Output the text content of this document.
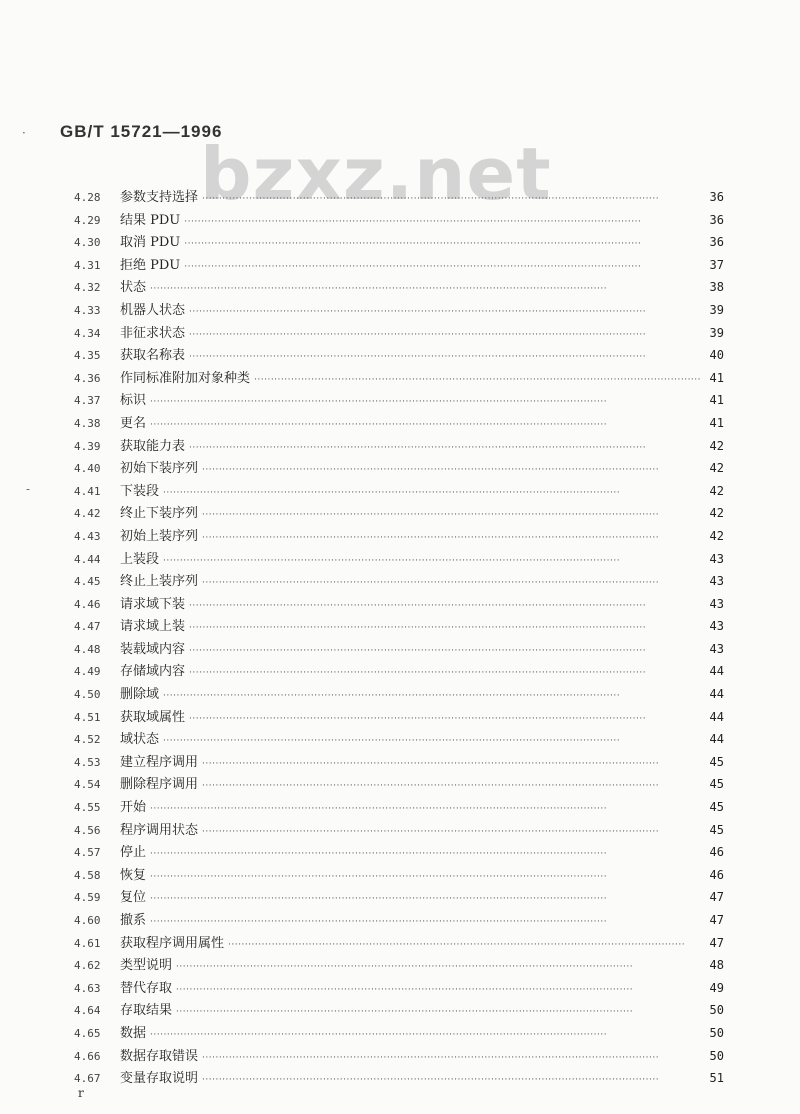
bzxz.net
GB/T 15721—1996
·
-
4.28	参数支持选择 ·····	36
4.29	结果 PDU ·····	36
4.30	取消 PDU ·····	36
4.31	拒绝 PDU ·····	37
4.32	状态 ·····	38
4.33	机器人状态 ·····	39
4.34	非征求状态 ·····	39
4.35	获取名称表 ·····	40
4.36	作同标准附加对象种类 ·····	41
4.37	标识 ·····	41
4.38	更名 ·····	41
4.39	获取能力表 ·····	42
4.40	初始下装序列 ·····	42
4.41	下装段 ·····	42
4.42	终止下装序列 ·····	42
4.43	初始上装序列 ·····	42
4.44	上装段 ·····	43
4.45	终止上装序列 ·····	43
4.46	请求域下装 ·····	43
4.47	请求域上装 ·····	43
4.48	装载域内容 ·····	43
4.49	存储域内容 ·····	44
4.50	删除域 ·····	44
4.51	获取域属性 ·····	44
4.52	域状态 ·····	44
4.53	建立程序调用 ·····	45
4.54	删除程序调用 ·····	45
4.55	开始 ·····	45
4.56	程序调用状态 ·····	45
4.57	停止 ·····	46
4.58	恢复 ·····	46
4.59	复位 ·····	47
4.60	撤系 ·····	47
4.61	获取程序调用属性 ·····	47
4.62	类型说明 ·····	48
4.63	替代存取 ·····	49
4.64	存取结果 ·····	50
4.65	数据 ·····	50
4.66	数据存取错误 ·····	50
4.67	变量存取说明 ·····	51
r
